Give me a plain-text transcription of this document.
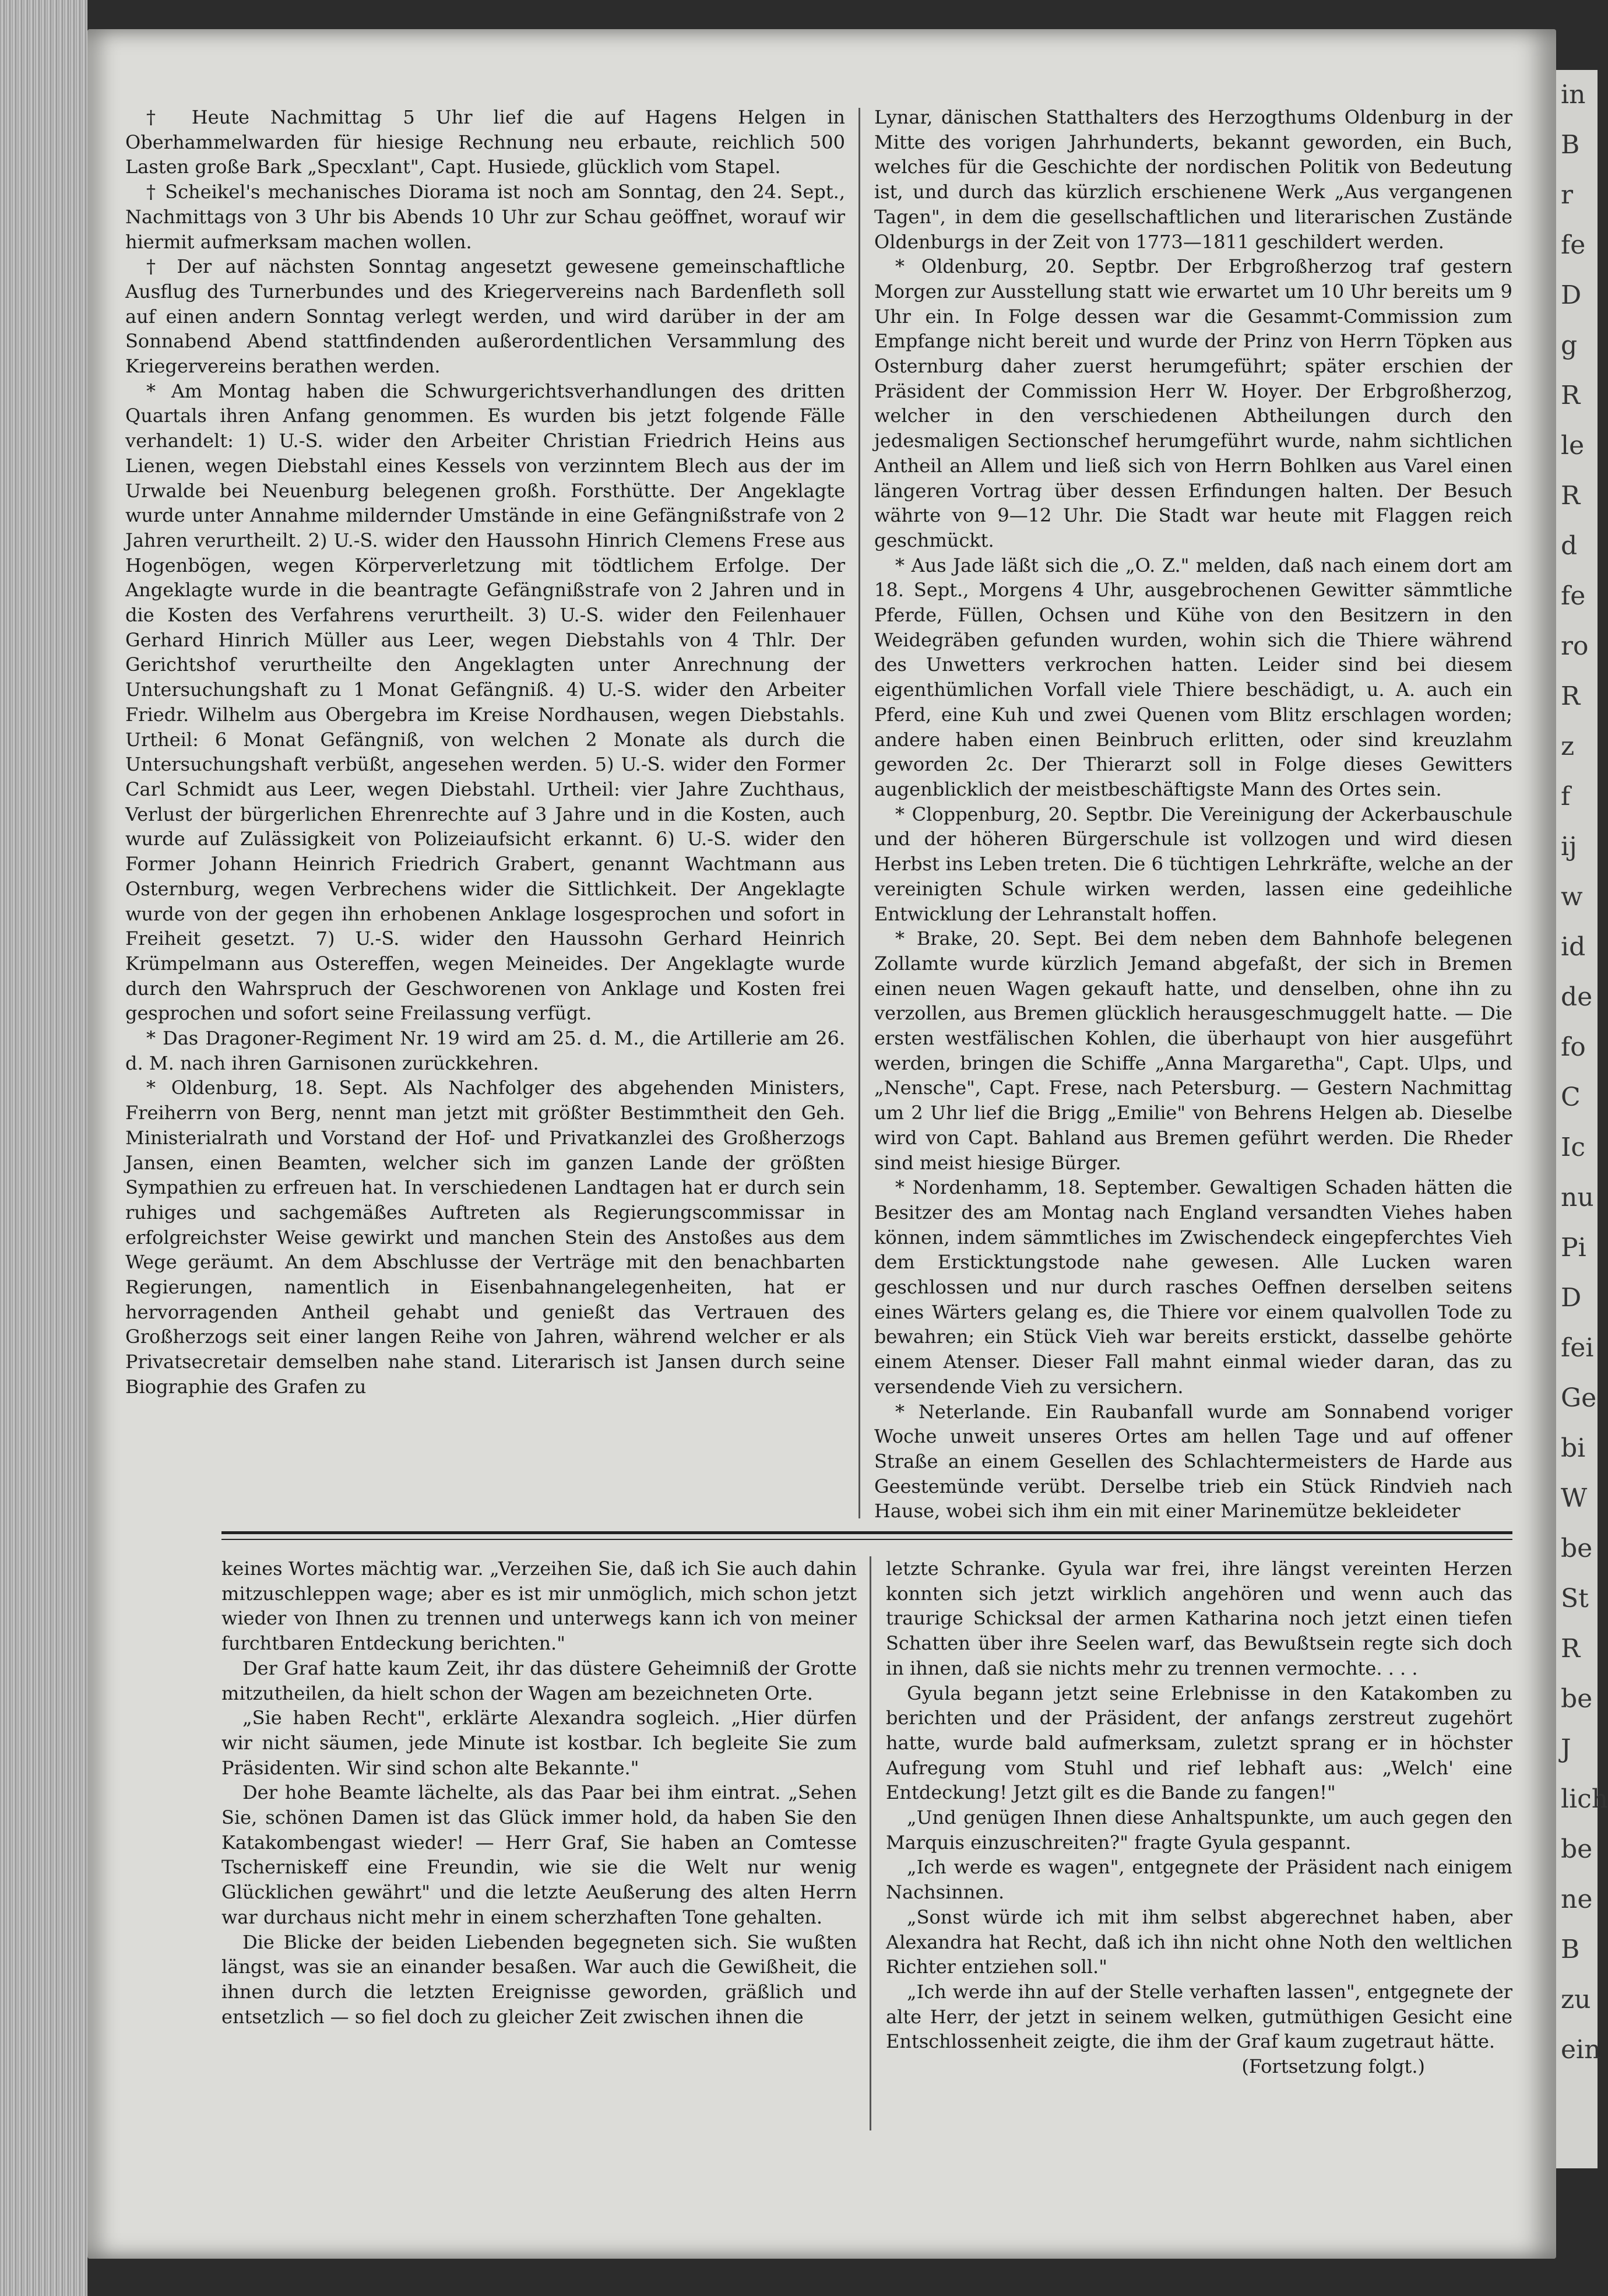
in
B
r
fe
D
g
R
le
R
d
fe
ro
R
z
f
ij
w
id
de
fo
C
Ic
nu
Pi
D
fei
Ge
bi
W
be
St
R
be
J
lich
be
ne
B
zu
ein

† Heute Nachmittag 5 Uhr lief die auf Hagens Helgen in Oberhammelwarden für hiesige Rechnung neu erbaute, reichlich 500 Lasten große Bark „Specxlant", Capt. Husiede, glücklich vom Stapel.

† Scheikel's mechanisches Diorama ist noch am Sonntag, den 24. Sept., Nachmittags von 3 Uhr bis Abends 10 Uhr zur Schau geöffnet, worauf wir hiermit aufmerksam machen wollen.

† Der auf nächsten Sonntag angesetzt gewesene gemeinschaftliche Ausflug des Turnerbundes und des Kriegervereins nach Bardenfleth soll auf einen andern Sonntag verlegt werden, und wird darüber in der am Sonnabend Abend stattfindenden außerordentlichen Versammlung des Kriegervereins berathen werden.

* Am Montag haben die Schwurgerichtsverhandlungen des dritten Quartals ihren Anfang genommen. Es wurden bis jetzt folgende Fälle verhandelt: 1) U.-S. wider den Arbeiter Christian Friedrich Heins aus Lienen, wegen Diebstahl eines Kessels von verzinntem Blech aus der im Urwalde bei Neuenburg belegenen großh. Forsthütte. Der Angeklagte wurde unter Annahme mildernder Umstände in eine Gefängnißstrafe von 2 Jahren verurtheilt. 2) U.-S. wider den Haussohn Hinrich Clemens Frese aus Hogenbögen, wegen Körperverletzung mit tödtlichem Erfolge. Der Angeklagte wurde in die beantragte Gefängnißstrafe von 2 Jahren und in die Kosten des Verfahrens verurtheilt. 3) U.-S. wider den Feilenhauer Gerhard Hinrich Müller aus Leer, wegen Diebstahls von 4 Thlr. Der Gerichtshof verurtheilte den Angeklagten unter Anrechnung der Untersuchungshaft zu 1 Monat Gefängniß. 4) U.-S. wider den Arbeiter Friedr. Wilhelm aus Obergebra im Kreise Nordhausen, wegen Diebstahls. Urtheil: 6 Monat Gefängniß, von welchen 2 Monate als durch die Untersuchungshaft verbüßt, angesehen werden. 5) U.-S. wider den Former Carl Schmidt aus Leer, wegen Diebstahl. Urtheil: vier Jahre Zuchthaus, Verlust der bürgerlichen Ehrenrechte auf 3 Jahre und in die Kosten, auch wurde auf Zulässigkeit von Polizeiaufsicht erkannt. 6) U.-S. wider den Former Johann Heinrich Friedrich Grabert, genannt Wachtmann aus Osternburg, wegen Verbrechens wider die Sittlichkeit. Der Angeklagte wurde von der gegen ihn erhobenen Anklage losgesprochen und sofort in Freiheit gesetzt. 7) U.-S. wider den Haussohn Gerhard Heinrich Krümpelmann aus Ostereffen, wegen Meineides. Der Angeklagte wurde durch den Wahrspruch der Geschworenen von Anklage und Kosten frei gesprochen und sofort seine Freilassung verfügt.

* Das Dragoner-Regiment Nr. 19 wird am 25. d. M., die Artillerie am 26. d. M. nach ihren Garnisonen zurückkehren.

* Oldenburg, 18. Sept. Als Nachfolger des abgehenden Ministers, Freiherrn von Berg, nennt man jetzt mit größter Bestimmtheit den Geh. Ministerialrath und Vorstand der Hof- und Privatkanzlei des Großherzogs Jansen, einen Beamten, welcher sich im ganzen Lande der größten Sympathien zu erfreuen hat. In verschiedenen Landtagen hat er durch sein ruhiges und sachgemäßes Auftreten als Regierungscommissar in erfolgreichster Weise gewirkt und manchen Stein des Anstoßes aus dem Wege geräumt. An dem Abschlusse der Verträge mit den benachbarten Regierungen, namentlich in Eisenbahnangelegenheiten, hat er hervorragenden Antheil gehabt und genießt das Vertrauen des Großherzogs seit einer langen Reihe von Jahren, während welcher er als Privatsecretair demselben nahe stand. Literarisch ist Jansen durch seine Biographie des Grafen zu

Lynar, dänischen Statthalters des Herzogthums Oldenburg in der Mitte des vorigen Jahrhunderts, bekannt geworden, ein Buch, welches für die Geschichte der nordischen Politik von Bedeutung ist, und durch das kürzlich erschienene Werk „Aus vergangenen Tagen", in dem die gesellschaftlichen und literarischen Zustände Oldenburgs in der Zeit von 1773—1811 geschildert werden.

* Oldenburg, 20. Septbr. Der Erbgroßherzog traf gestern Morgen zur Ausstellung statt wie erwartet um 10 Uhr bereits um 9 Uhr ein. In Folge dessen war die Gesammt-Commission zum Empfange nicht bereit und wurde der Prinz von Herrn Töpken aus Osternburg daher zuerst herumgeführt; später erschien der Präsident der Commission Herr W. Hoyer. Der Erbgroßherzog, welcher in den verschiedenen Abtheilungen durch den jedesmaligen Sectionschef herumgeführt wurde, nahm sichtlichen Antheil an Allem und ließ sich von Herrn Bohlken aus Varel einen längeren Vortrag über dessen Erfindungen halten. Der Besuch währte von 9—12 Uhr. Die Stadt war heute mit Flaggen reich geschmückt.

* Aus Jade läßt sich die „O. Z." melden, daß nach einem dort am 18. Sept., Morgens 4 Uhr, ausgebrochenen Gewitter sämmtliche Pferde, Füllen, Ochsen und Kühe von den Besitzern in den Weidegräben gefunden wurden, wohin sich die Thiere während des Unwetters verkrochen hatten. Leider sind bei diesem eigenthümlichen Vorfall viele Thiere beschädigt, u. A. auch ein Pferd, eine Kuh und zwei Quenen vom Blitz erschlagen worden; andere haben einen Beinbruch erlitten, oder sind kreuzlahm geworden 2c. Der Thierarzt soll in Folge dieses Gewitters augenblicklich der meistbeschäftigste Mann des Ortes sein.

* Cloppenburg, 20. Septbr. Die Vereinigung der Ackerbauschule und der höheren Bürgerschule ist vollzogen und wird diesen Herbst ins Leben treten. Die 6 tüchtigen Lehrkräfte, welche an der vereinigten Schule wirken werden, lassen eine gedeihliche Entwicklung der Lehranstalt hoffen.

* Brake, 20. Sept. Bei dem neben dem Bahnhofe belegenen Zollamte wurde kürzlich Jemand abgefaßt, der sich in Bremen einen neuen Wagen gekauft hatte, und denselben, ohne ihn zu verzollen, aus Bremen glücklich herausgeschmuggelt hatte. — Die ersten westfälischen Kohlen, die überhaupt von hier ausgeführt werden, bringen die Schiffe „Anna Margaretha", Capt. Ulps, und „Nensche", Capt. Frese, nach Petersburg. — Gestern Nachmittag um 2 Uhr lief die Brigg „Emilie" von Behrens Helgen ab. Dieselbe wird von Capt. Bahland aus Bremen geführt werden. Die Rheder sind meist hiesige Bürger.

* Nordenhamm, 18. September. Gewaltigen Schaden hätten die Besitzer des am Montag nach England versandten Viehes haben können, indem sämmtliches im Zwischendeck eingepferchtes Vieh dem Ersticktungstode nahe gewesen. Alle Lucken waren geschlossen und nur durch rasches Oeffnen derselben seitens eines Wärters gelang es, die Thiere vor einem qualvollen Tode zu bewahren; ein Stück Vieh war bereits erstickt, dasselbe gehörte einem Atenser. Dieser Fall mahnt einmal wieder daran, das zu versendende Vieh zu versichern.

* Neterlande. Ein Raubanfall wurde am Sonnabend voriger Woche unweit unseres Ortes am hellen Tage und auf offener Straße an einem Gesellen des Schlachtermeisters de Harde aus Geestemünde verübt. Derselbe trieb ein Stück Rindvieh nach Hause, wobei sich ihm ein mit einer Marinemütze bekleideter

keines Wortes mächtig war. „Verzeihen Sie, daß ich Sie auch dahin mitzuschleppen wage; aber es ist mir unmöglich, mich schon jetzt wieder von Ihnen zu trennen und unterwegs kann ich von meiner furchtbaren Entdeckung berichten."

Der Graf hatte kaum Zeit, ihr das düstere Geheimniß der Grotte mitzutheilen, da hielt schon der Wagen am bezeichneten Orte.

„Sie haben Recht", erklärte Alexandra sogleich. „Hier dürfen wir nicht säumen, jede Minute ist kostbar. Ich begleite Sie zum Präsidenten. Wir sind schon alte Bekannte."

Der hohe Beamte lächelte, als das Paar bei ihm eintrat. „Sehen Sie, schönen Damen ist das Glück immer hold, da haben Sie den Katakombengast wieder! — Herr Graf, Sie haben an Comtesse Tscherniskeff eine Freundin, wie sie die Welt nur wenig Glücklichen gewährt" und die letzte Aeußerung des alten Herrn war durchaus nicht mehr in einem scherzhaften Tone gehalten.

Die Blicke der beiden Liebenden begegneten sich. Sie wußten längst, was sie an einander besaßen. War auch die Gewißheit, die ihnen durch die letzten Ereignisse geworden, gräßlich und entsetzlich — so fiel doch zu gleicher Zeit zwischen ihnen die

letzte Schranke. Gyula war frei, ihre längst vereinten Herzen konnten sich jetzt wirklich angehören und wenn auch das traurige Schicksal der armen Katharina noch jetzt einen tiefen Schatten über ihre Seelen warf, das Bewußtsein regte sich doch in ihnen, daß sie nichts mehr zu trennen vermochte. . . .

Gyula begann jetzt seine Erlebnisse in den Katakomben zu berichten und der Präsident, der anfangs zerstreut zugehört hatte, wurde bald aufmerksam, zuletzt sprang er in höchster Aufregung vom Stuhl und rief lebhaft aus: „Welch' eine Entdeckung! Jetzt gilt es die Bande zu fangen!"

„Und genügen Ihnen diese Anhaltspunkte, um auch gegen den Marquis einzuschreiten?" fragte Gyula gespannt.

„Ich werde es wagen", entgegnete der Präsident nach einigem Nachsinnen.

„Sonst würde ich mit ihm selbst abgerechnet haben, aber Alexandra hat Recht, daß ich ihn nicht ohne Noth den weltlichen Richter entziehen soll."

„Ich werde ihn auf der Stelle verhaften lassen", entgegnete der alte Herr, der jetzt in seinem welken, gutmüthigen Gesicht eine Entschlossenheit zeigte, die ihm der Graf kaum zugetraut hätte.

(Fortsetzung folgt.)
